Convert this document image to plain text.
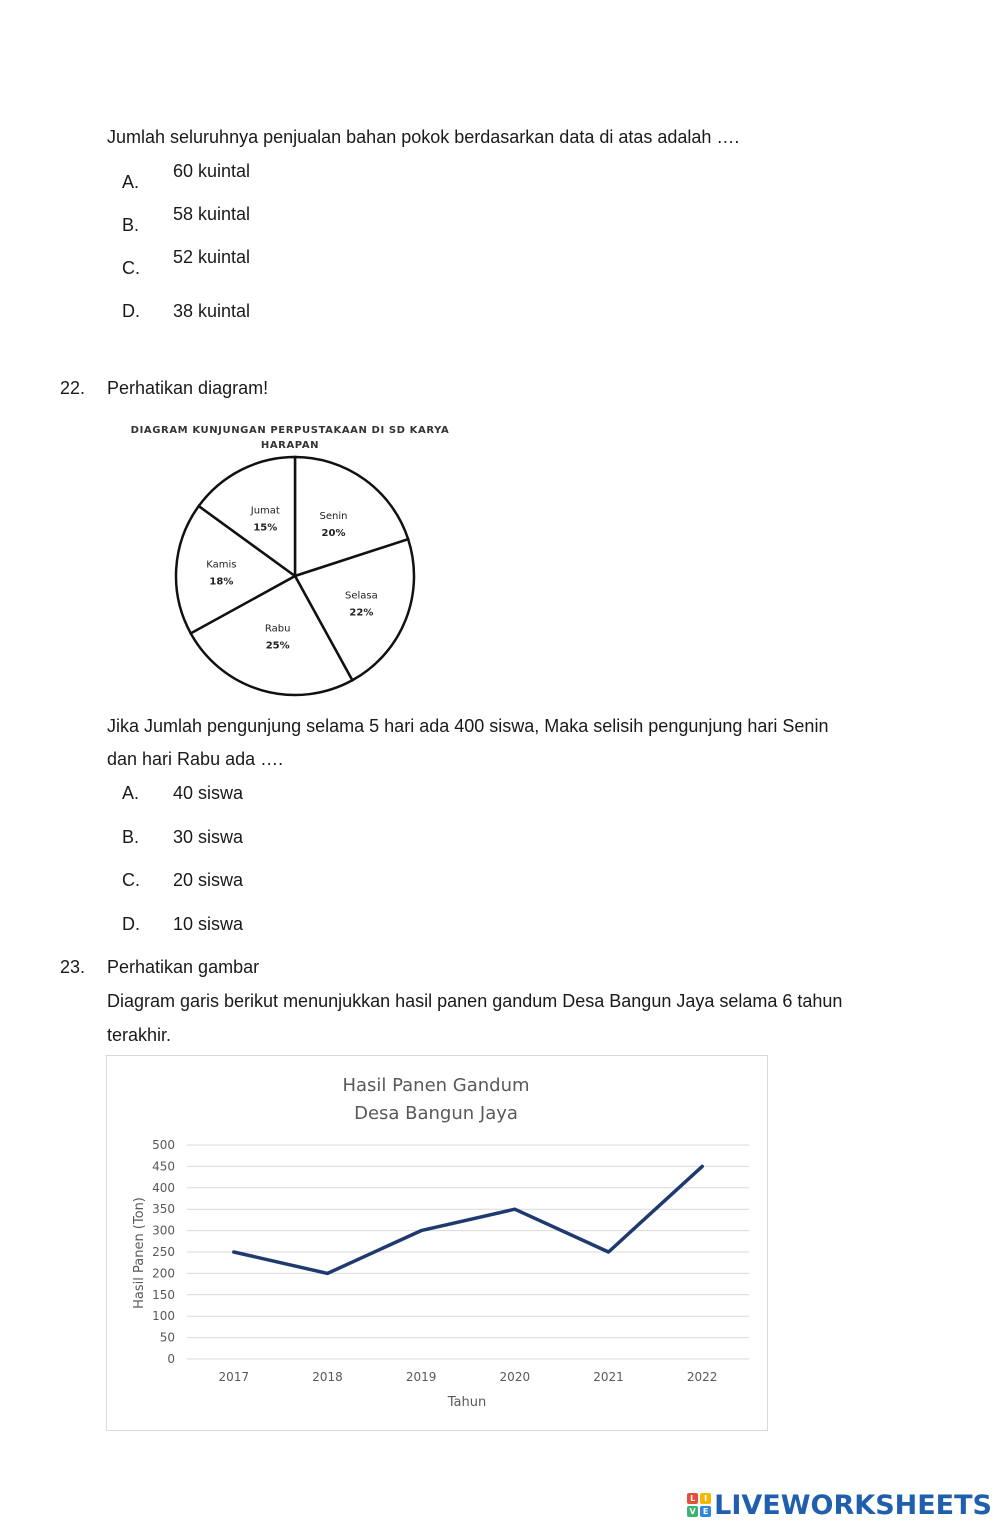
Jumlah seluruhnya penjualan bahan pokok berdasarkan data di atas adalah ….
A.
60 kuintal
B.
58 kuintal
C.
52 kuintal
D. 38 kuintal
22. Perhatikan diagram!
DIAGRAM KUNJUNGAN PERPUSTAKAAN DI SD KARYA
HARAPAN
Senin
20%
Selasa
22%
Rabu
25%
Kamis
18%
Jumat
15%
Jika Jumlah pengunjung selama 5 hari ada 400 siswa, Maka selisih pengunjung hari Senin
dan hari Rabu ada ….
A. 40 siswa
B. 30 siswa
C. 20 siswa
D. 10 siswa
23. Perhatikan gambar
Diagram garis berikut menunjukkan hasil panen gandum Desa Bangun Jaya selama 6 tahun
terakhir.
Hasil Panen Gandum
Desa Bangun Jaya
0
50
100
150
200
250
300
350
400
450
500
2017	2018	2019	2020	2021	2022
Tahun
Hasil Panen (Ton)
L	I
V E LIVEWORKSHEETS
